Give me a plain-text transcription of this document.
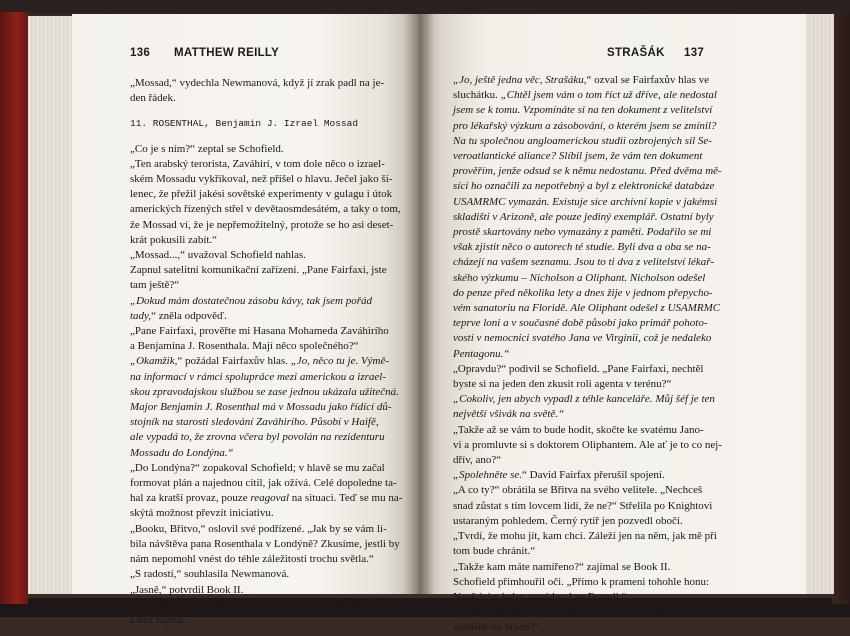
136 MATTHEW REILLY
„Mossad,“ vydechla Newmanová, když jí zrak padl na je-
den řádek.
11. ROSENTHAL, Benjamin J. Izrael Mossad
„Co je s ním?“ zeptal se Schofield.
„Ten arabský terorista, Zaváhirí, v tom dole něco o izrael-
ském Mossadu vykřikoval, než přišel o hlavu. Ječel jako ší-
lenec, že přežil jakési sovětské experimenty v gulagu i útok
amerických řízených střel v devětaosmdesátém, a taky o tom,
že Mossad ví, že je nepřemožitelný, protože se ho asi deset-
krát pokusili zabít.“
„Mossad...,“ uvažoval Schofield nahlas.
Zapnul satelitní komunikační zařízení. „Pane Fairfaxi, jste
tam ještě?“
„Dokud mám dostatečnou zásobu kávy, tak jsem pořád
tady,“ zněla odpověď.
„Pane Fairfaxi, prověřte mi Hasana Mohameda Zaváhirího
a Benjamina J. Rosenthala. Mají něco společného?“
„Okamžik,“ požádal Fairfaxův hlas. „Jo, něco tu je. Výmě-
na informací v rámci spolupráce mezi americkou a izrael-
skou zpravodajskou službou se zase jednou ukázala užitečná.
Major Benjamin J. Rosenthal má v Mossadu jako řídící dů-
stojník na starosti sledování Zaváhirího. Působí v Haifě,
ale vypadá to, že zrovna včera byl povolán na rezidenturu
Mossadu do Londýna.“
„Do Londýna?“ zopakoval Schofield; v hlavě se mu začal
formovat plán a najednou cítil, jak ožívá. Celé dopoledne ta-
hal za kratší provaz, pouze reagoval na situaci. Teď se mu na-
skýtá možnost převzít iniciativu.
„Booku, Břitvo,“ oslovil své podřízené. „Jak by se vám lí-
bila návštěva pana Rosenthala v Londýně? Zkusíme, jestli by
nám nepomohl vnést do téhle záležitosti trochu světla.“
„S radostí,“ souhlasila Newmanová.
„Jasně,“ potvrdil Book II.
Aloysius Knight sledoval jejich rozhovor nezúčastněně
a bez zájmu.
STRAŠÁK 137
„Jo, ještě jedna věc, Strašáku,“ ozval se Fairfaxův hlas ve
sluchátku. „Chtěl jsem vám o tom říct už dříve, ale nedostal
jsem se k tomu. Vzpomínáte si na ten dokument z velitelství
pro lékařský výzkum a zásobování, o kterém jsem se zmínil?
Na tu společnou angloamerickou studii ozbrojených sil Se-
veroatlantické aliance? Slíbil jsem, že vám ten dokument
prověřím, jenže odsud se k němu nedostanu. Před dvěma mě-
síci ho označili za nepotřebný a byl z elektronické databáze
USAMRMC vymazán. Existuje sice archivní kopie v jakémsi
skladišti v Arizoně, ale pouze jediný exemplář. Ostatní byly
prostě skartovány nebo vymazány z paměti. Podařilo se mi
však zjistit něco o autorech té studie. Byli dva a oba se na-
cházejí na vašem seznamu. Jsou to ti dva z velitelství lékař-
ského výzkumu – Nicholson a Oliphant. Nicholson odešel
do penze před několika lety a dnes žije v jednom přepycho-
vém sanatoriu na Floridě. Ale Oliphant odešel z USAMRMC
teprve loni a v současné době působí jako primář pohoto-
vosti v nemocnici svatého Jana ve Virginii, což je nedaleko
Pentagonu.“
„Opravdu?“ podivil se Schofield. „Pane Fairfaxi, nechtěl
byste si na jeden den zkusit roli agenta v terénu?“
„Cokoliv, jen abych vypadl z téhle kanceláře. Můj šéf je ten
největší všivák na světě.“
„Takže až se vám to bude hodit, skočte ke svatému Jano-
vi a promluvte si s doktorem Oliphantem. Ale ať je to co nej-
dřív, ano?“
„Spolehněte se.“ David Fairfax přerušil spojení.
„A co ty?“ obrátila se Břitva na svého velitele. „Nechceš
snad zůstat s tím lovcem lidí, že ne?“ Střelila po Knightovi
ustaraným pohledem. Černý rytíř jen pozvedl obočí.
„Tvrdí, že mohu jít, kam chci. Záleží jen na něm, jak mě při
tom bude chránit.“
„Takže kam máte namířeno?“ zajímal se Book II.
Schofield přimhouřil oči. „Přímo k prameni tohohle honu:
Navštívím jeden starý hrad ve Francii.“
„A jak se do něho chcete dostat?“ staral se Book II. „Jen tak
zabušíte na bránu?“
